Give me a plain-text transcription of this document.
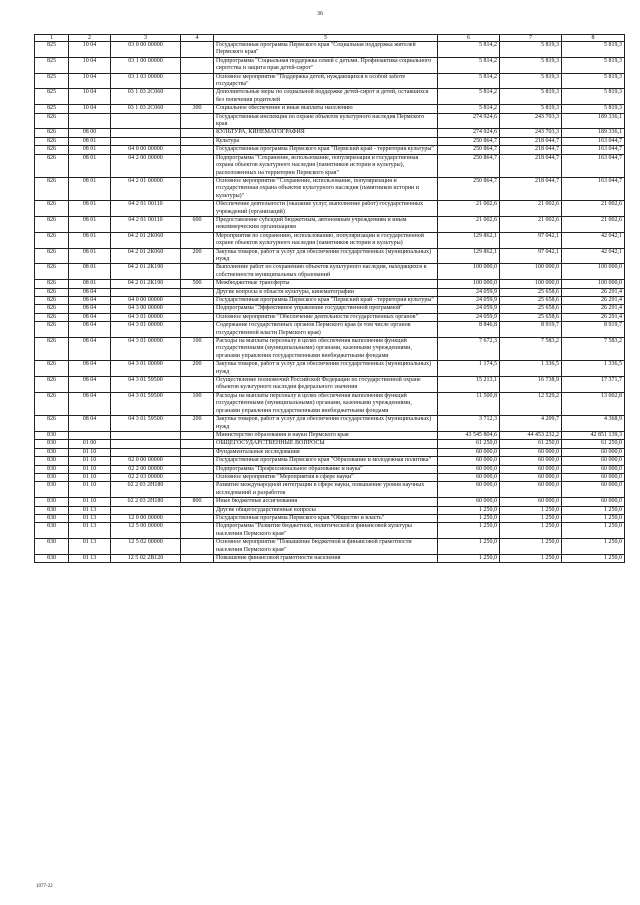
36
1	2	3	4	5	6	7	8
825	10 04	03 0 00 00000		Государственная программа Пермского края "Социальная поддержка жителей Пермского края"	5 814,2	5 819,3	5 819,3
825	10 04	03 1 00 00000		Подпрограмма "Социальная поддержка семей с детьми. Профилактика социального сиротства и защита прав детей-сирот"	5 814,2	5 819,3	5 819,3
825	10 04	03 1 03 00000		Основное мероприятие "Поддержка детей, нуждающихся в особой заботе государства"	5 814,2	5 819,3	5 819,3
825	10 04	03 1 03 2С060		Дополнительные меры по социальной поддержке детей-сирот и детей, оставшихся без попечения родителей	5 814,2	5 819,3	5 819,3
825	10 04	03 1 03 2С060	300	Социальное обеспечение и иные выплаты населению	5 814,2	5 819,3	5 819,3
826				Государственная инспекция по охране объектов культурного наследия Пермского края	274 924,6	243 703,3	189 336,1
826	08 00			КУЛЬТУРА, КИНЕМАТОГРАФИЯ	274 924,6	243 703,3	189 336,1
826	08 01			Культура	250 864,7	218 044,7	163 044,7
826	08 01	04 0 00 00000		Государственная программа Пермского края "Пермский край - территория культуры"	250 864,7	218 044,7	163 044,7
826	08 01	04 2 00 00000		Подпрограмма "Сохранение, использование, популяризация и государственная охрана объектов культурного наследия (памятников истории и культуры), расположенных на территории Пермского края"	250 864,7	218 044,7	163 044,7
826	08 01	04 2 01 00000		Основное мероприятие "Сохранение, использование, популяризация и государственная охрана объектов культурного наследия (памятников истории и культуры)"	250 864,7	218 044,7	163 044,7
826	08 01	04 2 01 00110		Обеспечение деятельности (оказание услуг, выполнение работ) государственных учреждений (организаций)	21 002,6	21 002,6	21 002,6
826	08 01	04 2 01 00110	600	Предоставление субсидий бюджетным, автономным учреждениям и иным некоммерческим организациям	21 002,6	21 002,6	21 002,6
826	08 01	04 2 01 2К060		Мероприятия по сохранению, использованию, популяризации и государственной охране объектов культурного наследия (памятников истории и культуры)	129 862,1	97 042,1	42 042,1
826	08 01	04 2 01 2К060	200	Закупка товаров, работ и услуг для обеспечения государственных (муниципальных) нужд	129 862,1	97 042,1	42 042,1
826	08 01	04 2 01 2К190		Выполнение работ по сохранению объектов культурного наследия, находящихся в собственности муниципальных образований	100 000,0	100 000,0	100 000,0
826	08 01	04 2 01 2К190	500	Межбюджетные трансферты	100 000,0	100 000,0	100 000,0
826	08 04			Другие вопросы в области культуры, кинематографии	24 059,9	25 658,6	26 291,4
826	08 04	04 0 00 00000		Государственная программа Пермского края "Пермский край - территория культуры"	24 059,9	25 658,6	26 291,4
826	08 04	04 3 00 00000		Подпрограмма "Эффективное управление государственной программой"	24 059,9	25 658,6	26 291,4
826	08 04	04 3 01 00000		Основное мероприятие "Обеспечение деятельности государственных органов"	24 059,9	25 658,6	26 291,4
826	08 04	04 3 01 00090		Содержание государственных органов Пермского края (в том числе органов государственной власти Пермского края)	8 846,8	8 919,7	8 919,7
826	08 04	04 3 01 00090	100	Расходы на выплаты персоналу в целях обеспечения выполнения функций государственными (муниципальными) органами, казенными учреждениями, органами управления государственными внебюджетными фондами	7 672,3	7 583,2	7 583,2
826	08 04	04 3 01 00090	200	Закупка товаров, работ и услуг для обеспечения государственных (муниципальных) нужд	1 174,5	1 336,5	1 336,5
826	08 04	04 3 01 59500		Осуществление полномочий Российской Федерации по государственной охране объектов культурного наследия федерального значения	15 213,1	16 738,9	17 371,7
826	08 04	04 3 01 59500	100	Расходы на выплаты персоналу в целях обеспечения выполнения функций государственными (муниципальными) органами, казенными учреждениями, органами управления государственными внебюджетными фондами	11 500,8	12 529,2	13 002,8
826	08 04	04 3 01 59500	200	Закупка товаров, работ и услуг для обеспечения государственных (муниципальных) нужд	3 712,3	4 209,7	4 368,9
830				Министерство образования и науки Пермского края	43 545 804,6	44 453 232,2	42 851 139,3
830	01 00			ОБЩЕГОСУДАРСТВЕННЫЕ ВОПРОСЫ	61 250,0	61 250,0	61 250,0
830	01 10			Фундаментальные исследования	60 000,0	60 000,0	60 000,0
830	01 10	02 0 00 00000		Государственная программа Пермского края "Образование и молодежная политика"	60 000,0	60 000,0	60 000,0
830	01 10	02 2 00 00000		Подпрограмма "Профессиональное образование и наука"	60 000,0	60 000,0	60 000,0
830	01 10	02 2 03 00000		Основное мероприятие "Мероприятия в сфере науки"	60 000,0	60 000,0	60 000,0
830	01 10	02 2 03 2Н180		Развитие международной интеграции в сфере науки, повышение уровня научных исследований и разработок	60 000,0	60 000,0	60 000,0
830	01 10	02 2 03 2Н180	800	Иные бюджетные ассигнования	60 000,0	60 000,0	60 000,0
830	01 13			Другие общегосударственные вопросы	1 250,0	1 250,0	1 250,0
830	01 13	12 0 00 00000		Государственная программа Пермского края "Общество и власть"	1 250,0	1 250,0	1 250,0
830	01 13	12 5 00 00000		Подпрограмма "Развитие бюджетной, политической и финансовой культуры населения Пермского края"	1 250,0	1 250,0	1 250,0
830	01 13	12 5 02 00000		Основное мероприятие "Повышение бюджетной и финансовой грамотности населения Пермского края"	1 250,0	1 250,0	1 250,0
830	01 13	12 5 02 2В120		Повышение финансовой грамотности населения	1 250,0	1 250,0	1 250,0
1077-22
